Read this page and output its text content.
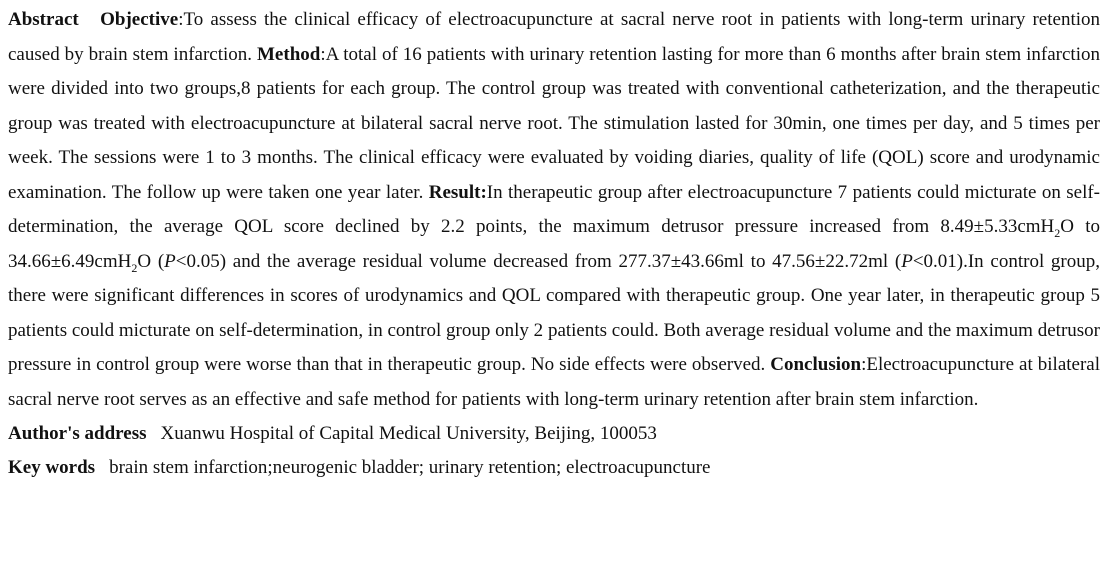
Abstract Objective:To assess the clinical efficacy of electroacupuncture at sacral nerve root in patients with long-term urinary retention caused by brain stem infarction. Method:A total of 16 patients with urinary retention lasting for more than 6 months after brain stem infarction were divided into two groups,8 patients for each group. The control group was treated with conventional catheterization, and the therapeutic group was treated with electroacupuncture at bilateral sacral nerve root. The stimulation lasted for 30min, one times per day, and 5 times per week. The sessions were 1 to 3 months. The clinical efficacy were evaluated by voiding diaries, quality of life (QOL) score and urodynamic examination. The follow up were taken one year later. Result:In therapeutic group after electroacupuncture 7 patients could micturate on self-determination, the average QOL score declined by 2.2 points, the maximum detrusor pressure increased from 8.49±5.33cmH$_2$O to 34.66±6.49cmH$_2$O (P<0.05) and the average residual volume decreased from 277.37±43.66ml to 47.56±22.72ml (P<0.01).In control group, there were significant differences in scores of urodynamics and QOL compared with therapeutic group. One year later, in therapeutic group 5 patients could micturate on self-determination, in control group only 2 patients could. Both average residual volume and the maximum detrusor pressure in control group were worse than that in therapeutic group. No side effects were observed. Conclusion:Electroacupuncture at bilateral sacral nerve root serves as an effective and safe method for patients with long-term urinary retention after brain stem infarction.

Author's address Xuanwu Hospital of Capital Medical University, Beijing, 100053

Key words brain stem infarction;neurogenic bladder; urinary retention; electroacupuncture
